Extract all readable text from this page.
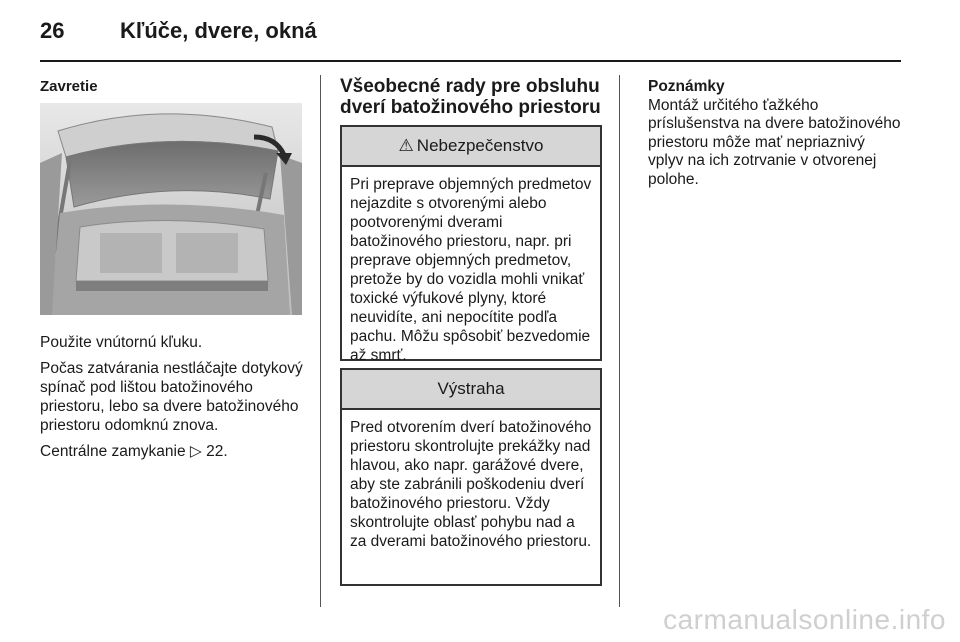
26	Kľúče, dvere, okná

Zavretie

Použite vnútornú kľuku.

Počas zatvárania nestláčajte dotykový spínač pod lištou batožinového priestoru, lebo sa dvere batožinového priestoru odomknú znova.

Centrálne zamykanie ▷ 22.

Všeobecné rady pre obsluhu dverí batožinového priestoru

⚠ Nebezpečenstvo
Pri preprave objemných predmetov nejazdite s otvorenými alebo pootvorenými dverami batožinového priestoru, napr. pri preprave objemných predmetov, pretože by do vozidla mohli vnikať toxické výfukové plyny, ktoré neuvidíte, ani nepocítite podľa pachu. Môžu spôsobiť bezvedomie až smrť.
Výstraha
Pred otvorením dverí batožinového priestoru skontrolujte prekážky nad hlavou, ako napr. garážové dvere, aby ste zabránili poškodeniu dverí batožinového priestoru. Vždy skontrolujte oblasť pohybu nad a za dverami batožinového priestoru.
Poznámky
Montáž určitého ťažkého príslušenstva na dvere batožinového priestoru môže mať nepriaznivý vplyv na ich zotrvanie v otvorenej polohe.
carmanualsonline.info
